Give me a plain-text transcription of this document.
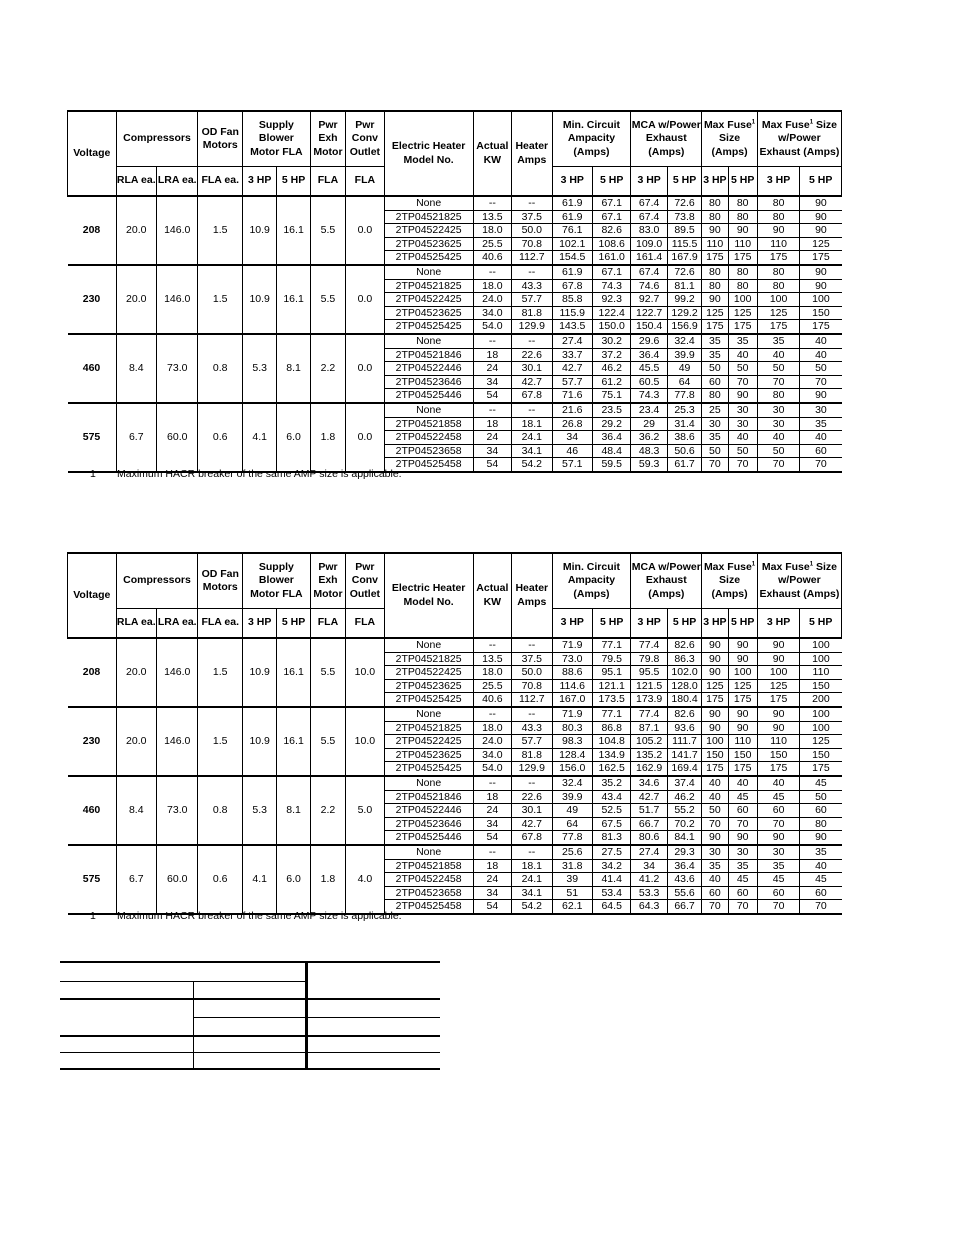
Voltage	Compressors		OD Fan Motors	Supply Blower Motor FLA		Pwr Exh Motor	Pwr Conv Outlet	Electric Heater Model No.	Actual KW	Heater Amps	Min. Circuit Ampacity (Amps)		MCA w/Power Exhaust (Amps)		Max Fuse$^1$
Size (Amps)		Max Fuse$^1$ Size w/Power Exhaust (Amps)	
	RLA ea.	LRA ea.	FLA ea.	3 HP	5 HP	FLA	FLA				3 HP	5 HP	3 HP	5 HP	3 HP	5 HP	3 HP	5 HP
208	20.0	146.0	1.5	10.9	16.1	5.5	0.0	None	--	--	61.9	67.1	67.4	72.6	80	80	80	90
								2TP04521825	13.5	37.5	61.9	67.1	67.4	73.8	80	80	80	90
								2TP04522425	18.0	50.0	76.1	82.6	83.0	89.5	90	90	90	90
								2TP04523625	25.5	70.8	102.1	108.6	109.0	115.5	110	110	110	125
								2TP04525425	40.6	112.7	154.5	161.0	161.4	167.9	175	175	175	175
230	20.0	146.0	1.5	10.9	16.1	5.5	0.0	None	--	--	61.9	67.1	67.4	72.6	80	80	80	90
								2TP04521825	18.0	43.3	67.8	74.3	74.6	81.1	80	80	80	90
								2TP04522425	24.0	57.7	85.8	92.3	92.7	99.2	90	100	100	100
								2TP04523625	34.0	81.8	115.9	122.4	122.7	129.2	125	125	125	150
								2TP04525425	54.0	129.9	143.5	150.0	150.4	156.9	175	175	175	175
460	8.4	73.0	0.8	5.3	8.1	2.2	0.0	None	--	--	27.4	30.2	29.6	32.4	35	35	35	40
								2TP04521846	18	22.6	33.7	37.2	36.4	39.9	35	40	40	40
								2TP04522446	24	30.1	42.7	46.2	45.5	49	50	50	50	50
								2TP04523646	34	42.7	57.7	61.2	60.5	64	60	70	70	70
								2TP04525446	54	67.8	71.6	75.1	74.3	77.8	80	90	80	90
575	6.7	60.0	0.6	4.1	6.0	1.8	0.0	None	--	--	21.6	23.5	23.4	25.3	25	30	30	30
								2TP04521858	18	18.1	26.8	29.2	29	31.4	30	30	30	35
								2TP04522458	24	24.1	34	36.4	36.2	38.6	35	40	40	40
								2TP04523658	34	34.1	46	48.4	48.3	50.6	50	50	50	60
								2TP04525458	54	54.2	57.1	59.5	59.3	61.7	70	70	70	70
1 Maximum HACR breaker of the same AMP size is applicable.
Voltage	Compressors		OD Fan Motors	Supply Blower Motor FLA		Pwr Exh Motor	Pwr Conv Outlet	Electric Heater Model No.	Actual KW	Heater Amps	Min. Circuit Ampacity (Amps)		MCA w/Power Exhaust (Amps)		Max Fuse$^1$
Size (Amps)		Max Fuse$^1$ Size w/Power Exhaust (Amps)	
	RLA ea.	LRA ea.	FLA ea.	3 HP	5 HP	FLA	FLA				3 HP	5 HP	3 HP	5 HP	3 HP	5 HP	3 HP	5 HP
208	20.0	146.0	1.5	10.9	16.1	5.5	10.0	None	--	--	71.9	77.1	77.4	82.6	90	90	90	100
								2TP04521825	13.5	37.5	73.0	79.5	79.8	86.3	90	90	90	100
								2TP04522425	18.0	50.0	88.6	95.1	95.5	102.0	90	100	100	110
								2TP04523625	25.5	70.8	114.6	121.1	121.5	128.0	125	125	125	150
								2TP04525425	40.6	112.7	167.0	173.5	173.9	180.4	175	175	175	200
230	20.0	146.0	1.5	10.9	16.1	5.5	10.0	None	--	--	71.9	77.1	77.4	82.6	90	90	90	100
								2TP04521825	18.0	43.3	80.3	86.8	87.1	93.6	90	90	90	100
								2TP04522425	24.0	57.7	98.3	104.8	105.2	111.7	100	110	110	125
								2TP04523625	34.0	81.8	128.4	134.9	135.2	141.7	150	150	150	150
								2TP04525425	54.0	129.9	156.0	162.5	162.9	169.4	175	175	175	175
460	8.4	73.0	0.8	5.3	8.1	2.2	5.0	None	--	--	32.4	35.2	34.6	37.4	40	40	40	45
								2TP04521846	18	22.6	39.9	43.4	42.7	46.2	40	45	45	50
								2TP04522446	24	30.1	49	52.5	51.7	55.2	50	60	60	60
								2TP04523646	34	42.7	64	67.5	66.7	70.2	70	70	70	80
								2TP04525446	54	67.8	77.8	81.3	80.6	84.1	90	90	90	90
575	6.7	60.0	0.6	4.1	6.0	1.8	4.0	None	--	--	25.6	27.5	27.4	29.3	30	30	30	35
								2TP04521858	18	18.1	31.8	34.2	34	36.4	35	35	35	40
								2TP04522458	24	24.1	39	41.4	41.2	43.6	40	45	45	45
								2TP04523658	34	34.1	51	53.4	53.3	55.6	60	60	60	60
								2TP04525458	54	54.2	62.1	64.5	64.3	66.7	70	70	70	70
1 Maximum HACR breaker of the same AMP size is applicable.
